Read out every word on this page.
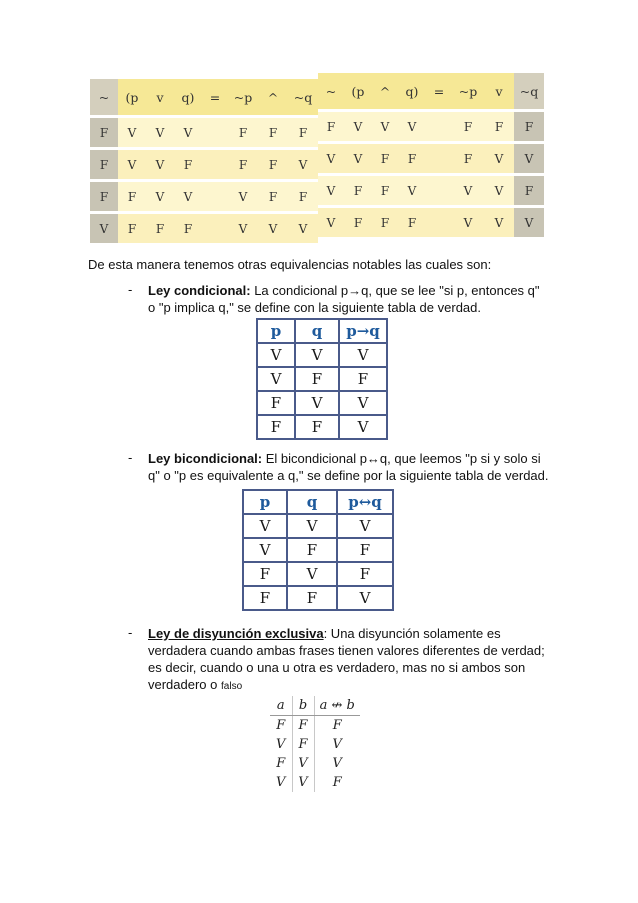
~	(p	v	q)	=	~p	^	~q
F	V	V	V		F	F	F
F	V	V	F		F	F	V
F	F	V	V		V	F	F
V	F	F	F		V	V	V
~	(p	^	q)	=	~p	v	~q
F	V	V	V		F	F	F
V	V	F	F		F	V	V
V	F	F	V		V	V	F
V	F	F	F		V	V	V
De esta manera tenemos otras equivalencias notables las cuales son:
- Ley condicional: La condicional p→q, que se lee "si p, entonces q"
o "p implica q," se define con la siguiente tabla de verdad.
p	q	p→q
V	V	V
V	F	F
F	V	V
F	F	V
- Ley bicondicional: El bicondicional p↔q, que leemos "p si y solo si
q" o "p es equivalente a q," se define por la siguiente tabla de verdad.
p	q	p↔q
V	V	V
V	F	F
F	V	F
F	F	V
- Ley de disyunción exclusiva: Una disyunción solamente es
verdadera cuando ambas frases tienen valores diferentes de verdad;
es decir, cuando o una u otra es verdadero, mas no si ambos son
verdadero o falso
a	b	a ↮ b
F	F	F
V	F	V
F	V	V
V	V	F
